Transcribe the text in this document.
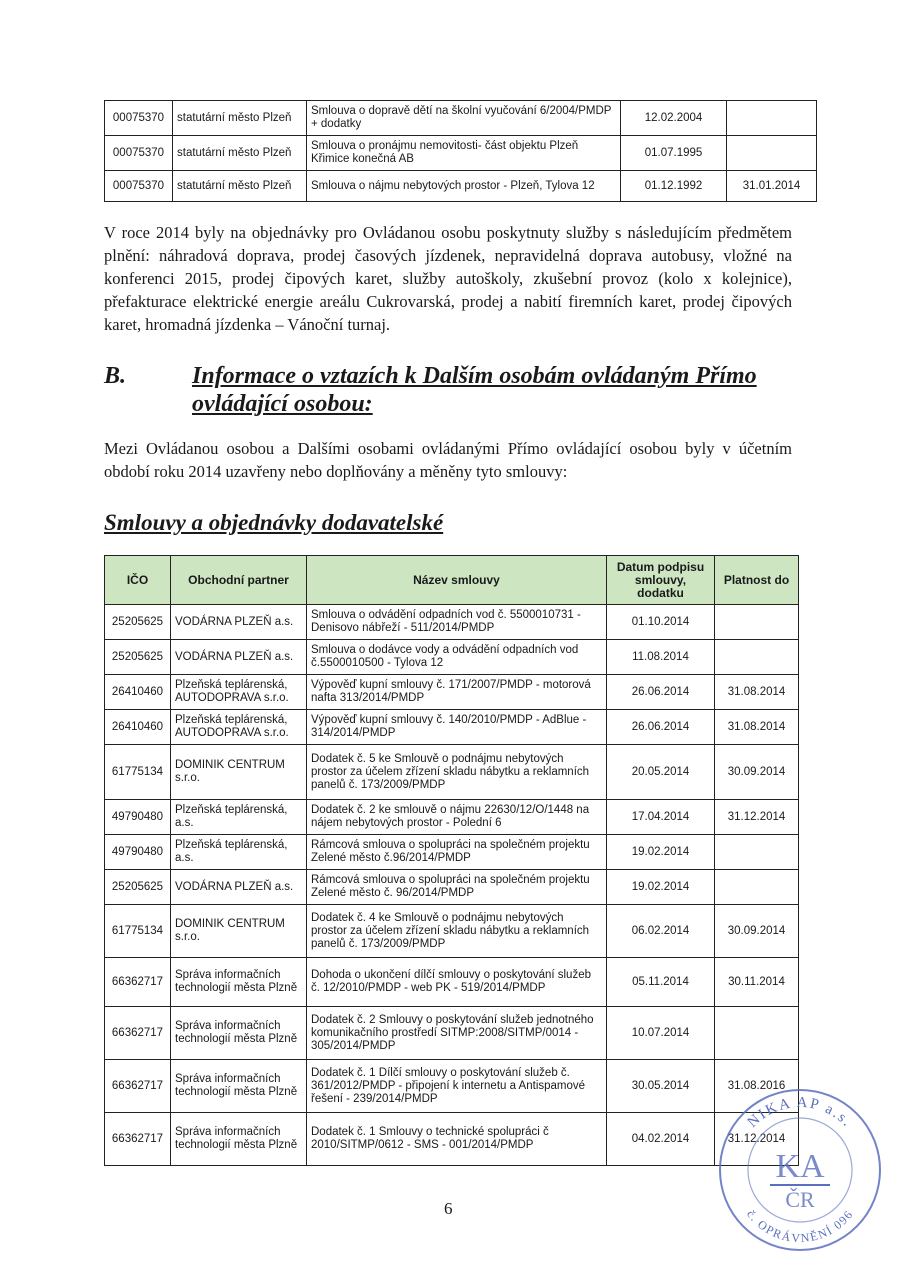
00075370	statutární město Plzeň	Smlouva o dopravě dětí na školní vyučování 6/2004/PMDP + dodatky	12.02.2004	
00075370	statutární město Plzeň	Smlouva o pronájmu nemovitosti- část objektu Plzeň Křimice konečná AB	01.07.1995	
00075370	statutární město Plzeň	Smlouva o nájmu nebytových prostor - Plzeň, Tylova 12	01.12.1992	31.01.2014

V roce 2014 byly na objednávky pro Ovládanou osobu poskytnuty služby s následujícím předmětem plnění: náhradová doprava, prodej časových jízdenek, nepravidelná doprava autobusy, vložné na konferenci 2015, prodej čipových karet, služby autoškoly, zkušební provoz (kolo x kolejnice), přefakturace elektrické energie areálu Cukrovarská, prodej a nabití firemních karet, prodej čipových karet, hromadná jízdenka – Vánoční turnaj.

B.	Informace o vztazích k Dalším osobám ovládaným Přímo ovládající osobou:

Mezi Ovládanou osobou a Dalšími osobami ovládanými Přímo ovládající osobou byly v účetním období roku 2014 uzavřeny nebo doplňovány a měněny tyto smlouvy:

Smlouvy a objednávky dodavatelské

IČO	Obchodní partner	Název smlouvy	Datum podpisu smlouvy, dodatku	Platnost do
25205625	VODÁRNA PLZEŇ a.s.	Smlouva o odvádění odpadních vod č. 5500010731 - Denisovo nábřeží - 511/2014/PMDP	01.10.2014	
25205625	VODÁRNA PLZEŇ a.s.	Smlouva o dodávce vody a odvádění odpadních vod č.5500010500 - Tylova 12	11.08.2014	
26410460	Plzeňská teplárenská, AUTODOPRAVA s.r.o.	Výpověď kupní smlouvy č. 171/2007/PMDP - motorová nafta 313/2014/PMDP	26.06.2014	31.08.2014
26410460	Plzeňská teplárenská, AUTODOPRAVA s.r.o.	Výpověď kupní smlouvy č. 140/2010/PMDP - AdBlue - 314/2014/PMDP	26.06.2014	31.08.2014
61775134	DOMINIK CENTRUM s.r.o.	Dodatek č. 5 ke Smlouvě o podnájmu nebytových prostor za účelem zřízení skladu nábytku a reklamních panelů č. 173/2009/PMDP	20.05.2014	30.09.2014
49790480	Plzeňská teplárenská, a.s.	Dodatek č. 2 ke smlouvě o nájmu 22630/12/O/1448 na nájem nebytových prostor - Polední 6	17.04.2014	31.12.2014
49790480	Plzeňská teplárenská, a.s.	Rámcová smlouva o spolupráci na společném projektu Zelené město č.96/2014/PMDP	19.02.2014	
25205625	VODÁRNA PLZEŇ a.s.	Rámcová smlouva o spolupráci na společném projektu Zelené město č. 96/2014/PMDP	19.02.2014	
61775134	DOMINIK CENTRUM s.r.o.	Dodatek č. 4 ke Smlouvě o podnájmu nebytových prostor za účelem zřízení skladu nábytku a reklamních panelů č. 173/2009/PMDP	06.02.2014	30.09.2014
66362717	Správa informačních technologií města Plzně	Dohoda o ukončení dílčí smlouvy o poskytování služeb č. 12/2010/PMDP - web PK - 519/2014/PMDP	05.11.2014	30.11.2014
66362717	Správa informačních technologií města Plzně	Dodatek č. 2 Smlouvy o poskytování služeb jednotného komunikačního prostředí SITMP:2008/SITMP/0014 - 305/2014/PMDP	10.07.2014	
66362717	Správa informačních technologií města Plzně	Dodatek č. 1 Dílčí smlouvy o poskytování služeb č. 361/2012/PMDP - připojení k internetu a Antispamové řešení - 239/2014/PMDP	30.05.2014	31.08.2016
66362717	Správa informačních technologií města Plzně	Dodatek č. 1 Smlouvy o technické spolupráci č 2010/SITMP/0612 - SMS - 001/2014/PMDP	04.02.2014	31.12.2014

6

NIKA AP a.s.
KA
ČR
č. OPRÁVNĚNÍ 096
